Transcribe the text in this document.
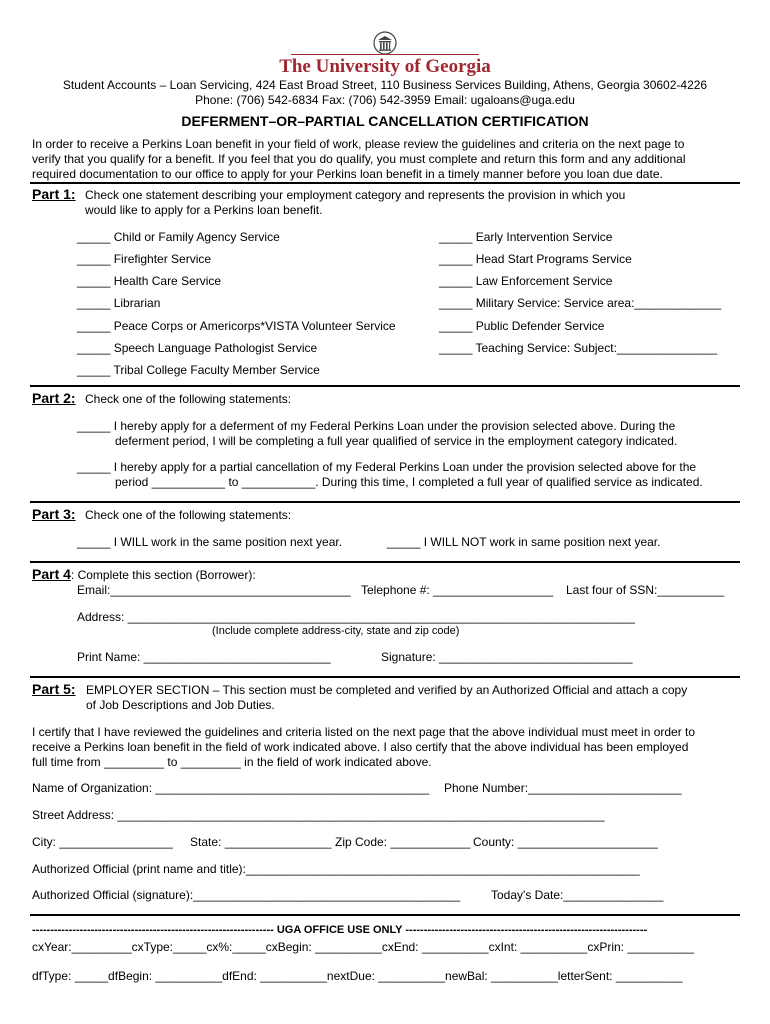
The University of Georgia
Student Accounts – Loan Servicing, 424 East Broad Street, 110 Business Services Building, Athens, Georgia 30602-4226
Phone: (706) 542-6834 Fax: (706) 542-3959 Email: ugaloans@uga.edu
DEFERMENT–OR–PARTIAL CANCELLATION CERTIFICATION
In order to receive a Perkins Loan benefit in your field of work, please review the guidelines and criteria on the next page to
verify that you qualify for a benefit. If you feel that you do qualify, you must complete and return this form and any additional
required documentation to our office to apply for your Perkins loan benefit in a timely manner before you loan due date.
Part 1: Check one statement describing your employment category and represents the provision in which you
would like to apply for a Perkins loan benefit.
_____ Child or Family Agency Service
_____ Firefighter Service
_____ Health Care Service
_____ Librarian
_____ Peace Corps or Americorps*VISTA Volunteer Service
_____ Speech Language Pathologist Service
_____ Tribal College Faculty Member Service
_____ Early Intervention Service
_____ Head Start Programs Service
_____ Law Enforcement Service
_____ Military Service: Service area:_____________
_____ Public Defender Service
_____ Teaching Service: Subject:_______________
Part 2: Check one of the following statements:
_____ I hereby apply for a deferment of my Federal Perkins Loan under the provision selected above. During the
deferment period, I will be completing a full year qualified of service in the employment category indicated.
_____ I hereby apply for a partial cancellation of my Federal Perkins Loan under the provision selected above for the
period ___________ to ___________. During this time, I completed a full year of qualified service as indicated.
Part 3: Check one of the following statements:
_____ I WILL work in the same position next year.	_____ I WILL NOT work in same position next year.
Part 4: Complete this section (Borrower):
Email:____________________________________ Telephone #: __________________ Last four of SSN:__________
Address: ____________________________________________________________________________
(Include complete address-city, state and zip code)
Print Name: ____________________________	Signature: _____________________________
Part 5: EMPLOYER SECTION – This section must be completed and verified by an Authorized Official and attach a copy
of Job Descriptions and Job Duties.
I certify that I have reviewed the guidelines and criteria listed on the next page that the above individual must meet in order to
receive a Perkins loan benefit in the field of work indicated above. I also certify that the above individual has been employed
full time from _________ to _________ in the field of work indicated above.
Name of Organization: _________________________________________ Phone Number:_______________________
Street Address: _________________________________________________________________________
City: _________________ State: ________________ Zip Code: ____________ County: _____________________
Authorized Official (print name and title):___________________________________________________________
Authorized Official (signature):________________________________________	Today's Date:_______________
------------------------------------------------------------------ UGA OFFICE USE ONLY ------------------------------------------------------------------
cxYear:_________cxType:_____cx%:_____cxBegin: __________cxEnd: __________cxInt: __________cxPrin: __________
dfType: _____dfBegin: __________dfEnd: __________nextDue: __________newBal: __________letterSent: __________
